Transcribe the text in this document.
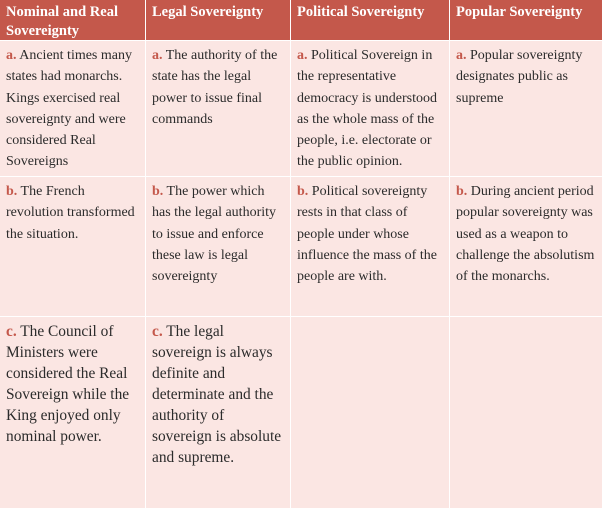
Nominal and Real Sovereignty
Legal Sovereignty	Political Sovereignty	Popular Sovereignty
a. Ancient times many states had monarchs. Kings exercised real sovereignty and were considered Real Sovereigns
a. The authority of the state has the legal power to issue final commands
a. Political Sovereign in the representative democracy is understood as the whole mass of the people, i.e. electorate or the public opinion.
a. Popular sovereignty designates public as supreme
b. The French revolution transformed the situation.
b. The power which has the legal authority to issue and enforce these law is legal sovereignty
b. Political sovereignty rests in that class of people under whose influence the mass of the people are with.
b. During ancient period popular sovereignty was used as a weapon to challenge the absolutism of the monarchs.
c. The Council of Ministers were considered the Real Sovereign while the King enjoyed only nominal power.
c. The legal sovereign is always definite and determinate and the authority of sovereign is absolute and supreme.
